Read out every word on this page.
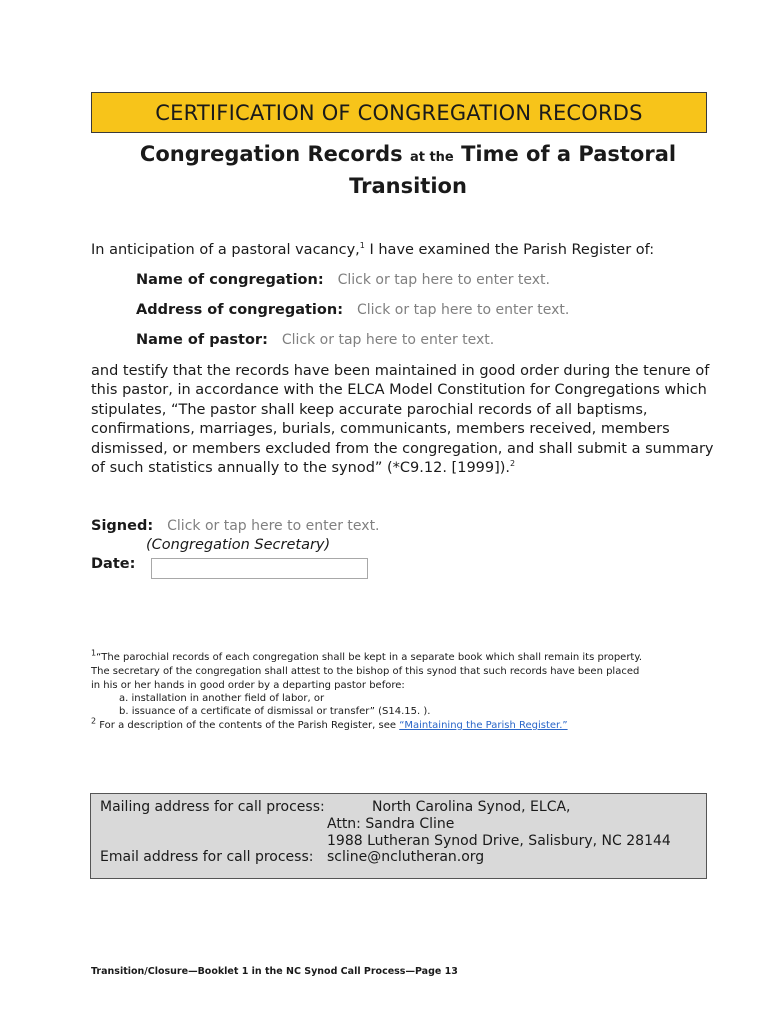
CERTIFICATION OF CONGREGATION RECORDS
Congregation Records at the Time of a Pastoral Transition
In anticipation of a pastoral vacancy,$^1$ I have examined the Parish Register of:
Name of congregation: Click or tap here to enter text.
Address of congregation: Click or tap here to enter text.
Name of pastor: Click or tap here to enter text.
and testify that the records have been maintained in good order during the tenure of this pastor, in accordance with the ELCA Model Constitution for Congregations which stipulates, “The pastor shall keep accurate parochial records of all baptisms, confirmations, marriages, burials, communicants, members received, members dismissed, or members excluded from the congregation, and shall submit a summary of such statistics annually to the synod” (*C9.12. [1999]).$^2$
Signed: Click or tap here to enter text.
(Congregation Secretary)
Date:
$^1$“The parochial records of each congregation shall be kept in a separate book which shall remain its property.
The secretary of the congregation shall attest to the bishop of this synod that such records have been placed
in his or her hands in good order by a departing pastor before:
a. installation in another field of labor, or
b. issuance of a certificate of dismissal or transfer” (S14.15. ).
$^2$ For a description of the contents of the Parish Register, see “Maintaining the Parish Register.”
Mailing address for call process:	North Carolina Synod, ELCA,
Attn: Sandra Cline
1988 Lutheran Synod Drive, Salisbury, NC 28144
Email address for call process: scline@nclutheran.org
Transition/Closure—Booklet 1 in the NC Synod Call Process—Page 13
